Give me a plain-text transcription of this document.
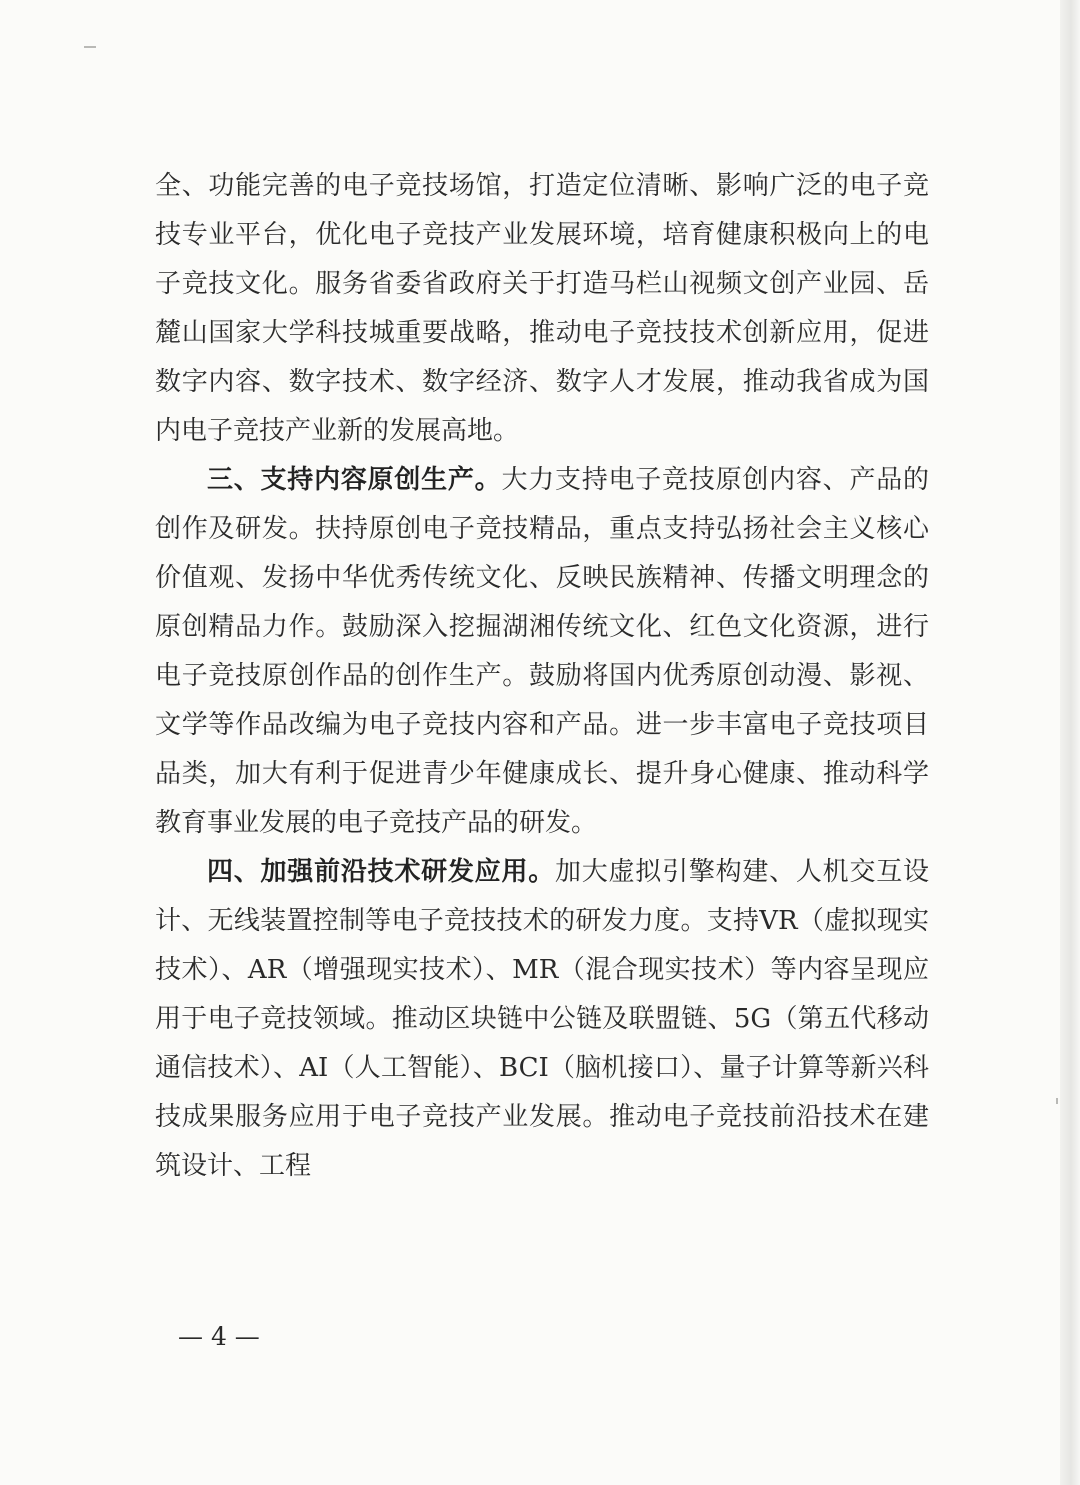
全、功能完善的电子竞技场馆，打造定位清晰、影响广泛的电子竞技专业平台，优化电子竞技产业发展环境，培育健康积极向上的电子竞技文化。服务省委省政府关于打造马栏山视频文创产业园、岳麓山国家大学科技城重要战略，推动电子竞技技术创新应用，促进数字内容、数字技术、数字经济、数字人才发展，推动我省成为国内电子竞技产业新的发展高地。

三、支持内容原创生产。大力支持电子竞技原创内容、产品的创作及研发。扶持原创电子竞技精品，重点支持弘扬社会主义核心价值观、发扬中华优秀传统文化、反映民族精神、传播文明理念的原创精品力作。鼓励深入挖掘湖湘传统文化、红色文化资源，进行电子竞技原创作品的创作生产。鼓励将国内优秀原创动漫、影视、文学等作品改编为电子竞技内容和产品。进一步丰富电子竞技项目品类，加大有利于促进青少年健康成长、提升身心健康、推动科学教育事业发展的电子竞技产品的研发。

四、加强前沿技术研发应用。加大虚拟引擎构建、人机交互设计、无线装置控制等电子竞技技术的研发力度。支持VR（虚拟现实技术）、AR（增强现实技术）、MR（混合现实技术）等内容呈现应用于电子竞技领域。推动区块链中公链及联盟链、5G（第五代移动通信技术）、AI（人工智能）、BCI（脑机接口）、量子计算等新兴科技成果服务应用于电子竞技产业发展。推动电子竞技前沿技术在建筑设计、工程

— 4 —
